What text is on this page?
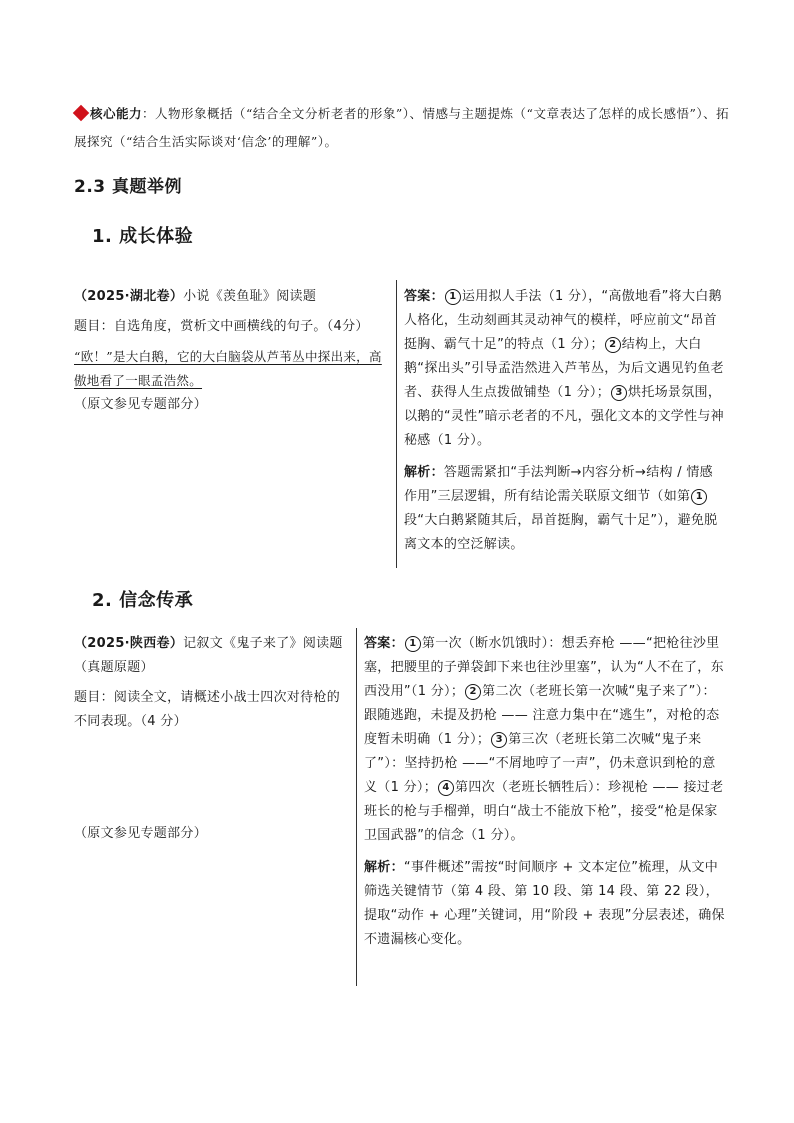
核心能力：人物形象概括（“结合全文分析老者的形象”）、情感与主题提炼（“文章表达了怎样的成长感悟”）、拓展探究（“结合生活实际谈对‘信念’的理解”）。
2.3 真题举例
1. 成长体验

（2025·湖北卷）小说《羡鱼耻》阅读题

题目：自选角度，赏析文中画横线的句子。（4分）

“欧！”是大白鹅，它的大白脑袋从芦苇丛中探出来，高傲地看了一眼孟浩然。

（原文参见专题部分）

答案： 1 运用拟人手法（1 分），“高傲地看”将大白鹅人格化，生动刻画其灵动神气的模样，呼应前文“昂首挺胸、霸气十足”的特点（1 分）； 2 结构上，大白鹅“探出头”引导孟浩然进入芦苇丛，为后文遇见钓鱼老者、获得人生点拨做铺垫（1 分）； 3 烘托场景氛围，以鹅的“灵性”暗示老者的不凡，强化文本的文学性与神秘感（1 分）。

解析：答题需紧扣“手法判断→内容分析→结构 / 情感作用”三层逻辑，所有结论需关联原文细节（如第 1段“大白鹅紧随其后，昂首挺胸，霸气十足”），避免脱离文本的空泛解读。

2. 信念传承

（2025·陕西卷）记叙文《鬼子来了》阅读题（真题原题）

题目：阅读全文，请概述小战士四次对待枪的不同表现。（4 分）

（原文参见专题部分）

答案： 1 第一次（断水饥饿时）：想丢弃枪 ——“把枪往沙里塞，把腰里的子弹袋卸下来也往沙里塞”，认为“人不在了，东西没用”（1 分）； 2 第二次（老班长第一次喊“鬼子来了”）：跟随逃跑，未提及扔枪 —— 注意力集中在“逃生”，对枪的态度暂未明确（1 分）； 3 第三次（老班长第二次喊“鬼子来了”）：坚持扔枪 ——“不屑地哼了一声”，仍未意识到枪的意义（1 分）； 4 第四次（老班长牺牲后）：珍视枪 —— 接过老班长的枪与手榴弹，明白“战士不能放下枪”，接受“枪是保家卫国武器”的信念（1 分）。

解析：“事件概述”需按“时间顺序 + 文本定位”梳理，从文中筛选关键情节（第 4 段、第 10 段、第 14 段、第 22 段），提取“动作 + 心理”关键词，用“阶段 + 表现”分层表述，确保不遗漏核心变化。
